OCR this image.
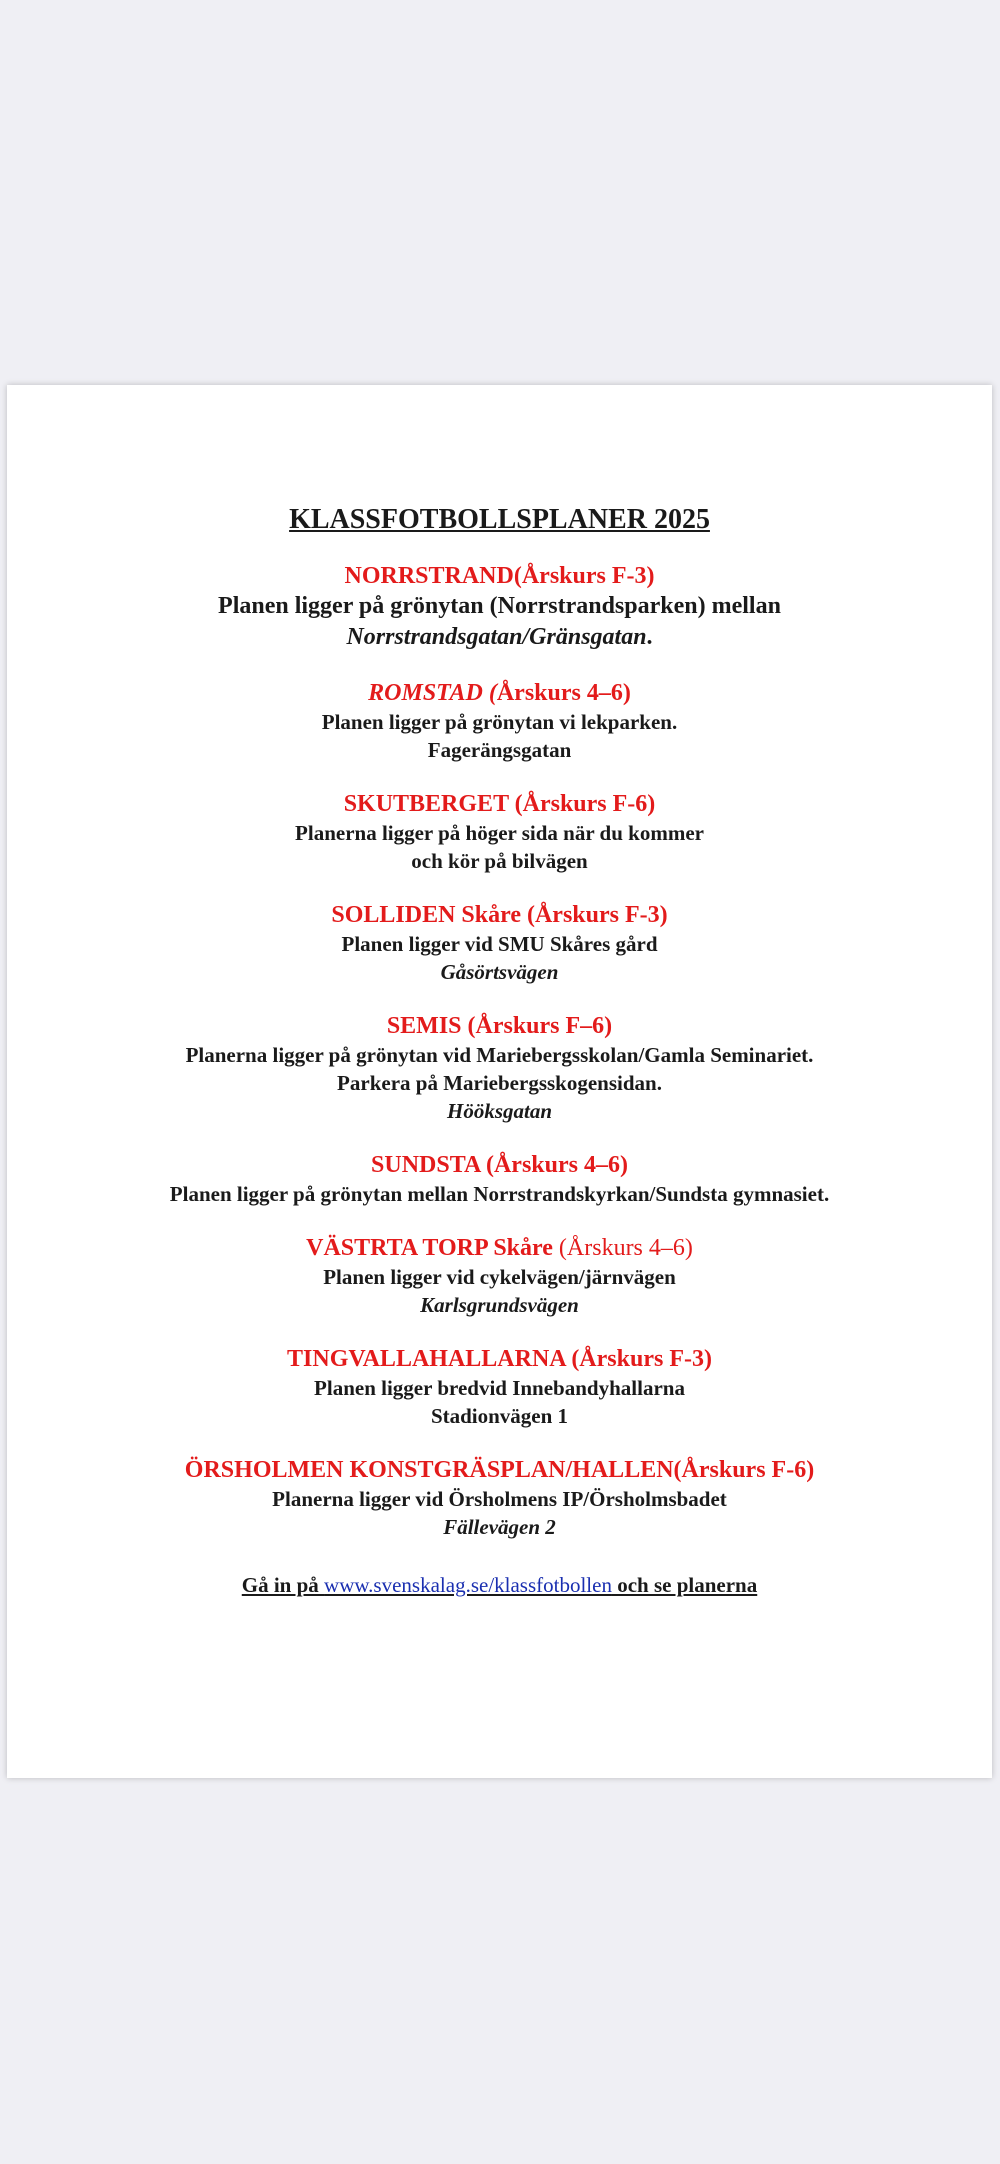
KLASSFOTBOLLSPLANER 2025
NORRSTRAND(Årskurs F-3)
Planen ligger på grönytan (Norrstrandsparken) mellan
Norrstrandsgatan/Gränsgatan.
ROMSTAD (Årskurs 4–6)
Planen ligger på grönytan vi lekparken.
Fagerängsgatan
SKUTBERGET (Årskurs F-6)
Planerna ligger på höger sida när du kommer
och kör på bilvägen
SOLLIDEN Skåre (Årskurs F-3)
Planen ligger vid SMU Skåres gård
Gåsörtsvägen
SEMIS (Årskurs F–6)
Planerna ligger på grönytan vid Mariebergsskolan/Gamla Seminariet.
Parkera på Mariebergsskogensidan.
Hööksgatan
SUNDSTA (Årskurs 4–6)
Planen ligger på grönytan mellan Norrstrandskyrkan/Sundsta gymnasiet.
VÄSTRTA TORP Skåre (Årskurs 4–6)
Planen ligger vid cykelvägen/järnvägen
Karlsgrundsvägen
TINGVALLAHALLARNA (Årskurs F-3)
Planen ligger bredvid Innebandyhallarna
Stadionvägen 1
ÖRSHOLMEN KONSTGRÄSPLAN/HALLEN(Årskurs F-6)
Planerna ligger vid Örsholmens IP/Örsholmsbadet
Fällevägen 2
Gå in på www.svenskalag.se/klassfotbollen och se planerna
